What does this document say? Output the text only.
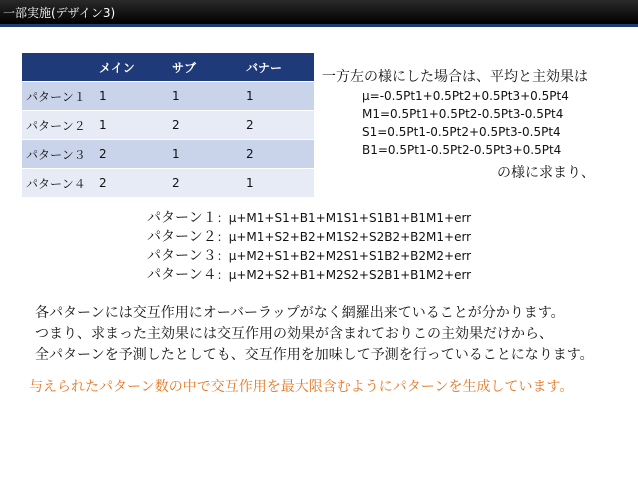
一部実施(デザイン3)
	メイン	サブ	バナー
パターン１	1	1	1
パターン２	1	2	2
パターン３	2	1	2
パターン４	2	2	1
一方左の様にした場合は、平均と主効果は
μ=-0.5Pt1+0.5Pt2+0.5Pt3+0.5Pt4
M1=0.5Pt1+0.5Pt2-0.5Pt3-0.5Pt4
S1=0.5Pt1-0.5Pt2+0.5Pt3-0.5Pt4
B1=0.5Pt1-0.5Pt2-0.5Pt3+0.5Pt4
の様に求まり、
パターン１：μ+M1+S1+B1+M1S1+S1B1+B1M1+err
パターン２：μ+M1+S2+B2+M1S2+S2B2+B2M1+err
パターン３：μ+M2+S1+B2+M2S1+S1B2+B2M2+err
パターン４：μ+M2+S2+B1+M2S2+S2B1+B1M2+err
各パターンには交互作用にオーバーラップがなく網羅出来ていることが分かります。
つまり、求まった主効果には交互作用の効果が含まれておりこの主効果だけから、
全パターンを予測したとしても、交互作用を加味して予測を行っていることになります。
与えられたパターン数の中で交互作用を最大限含むようにパターンを生成しています。
